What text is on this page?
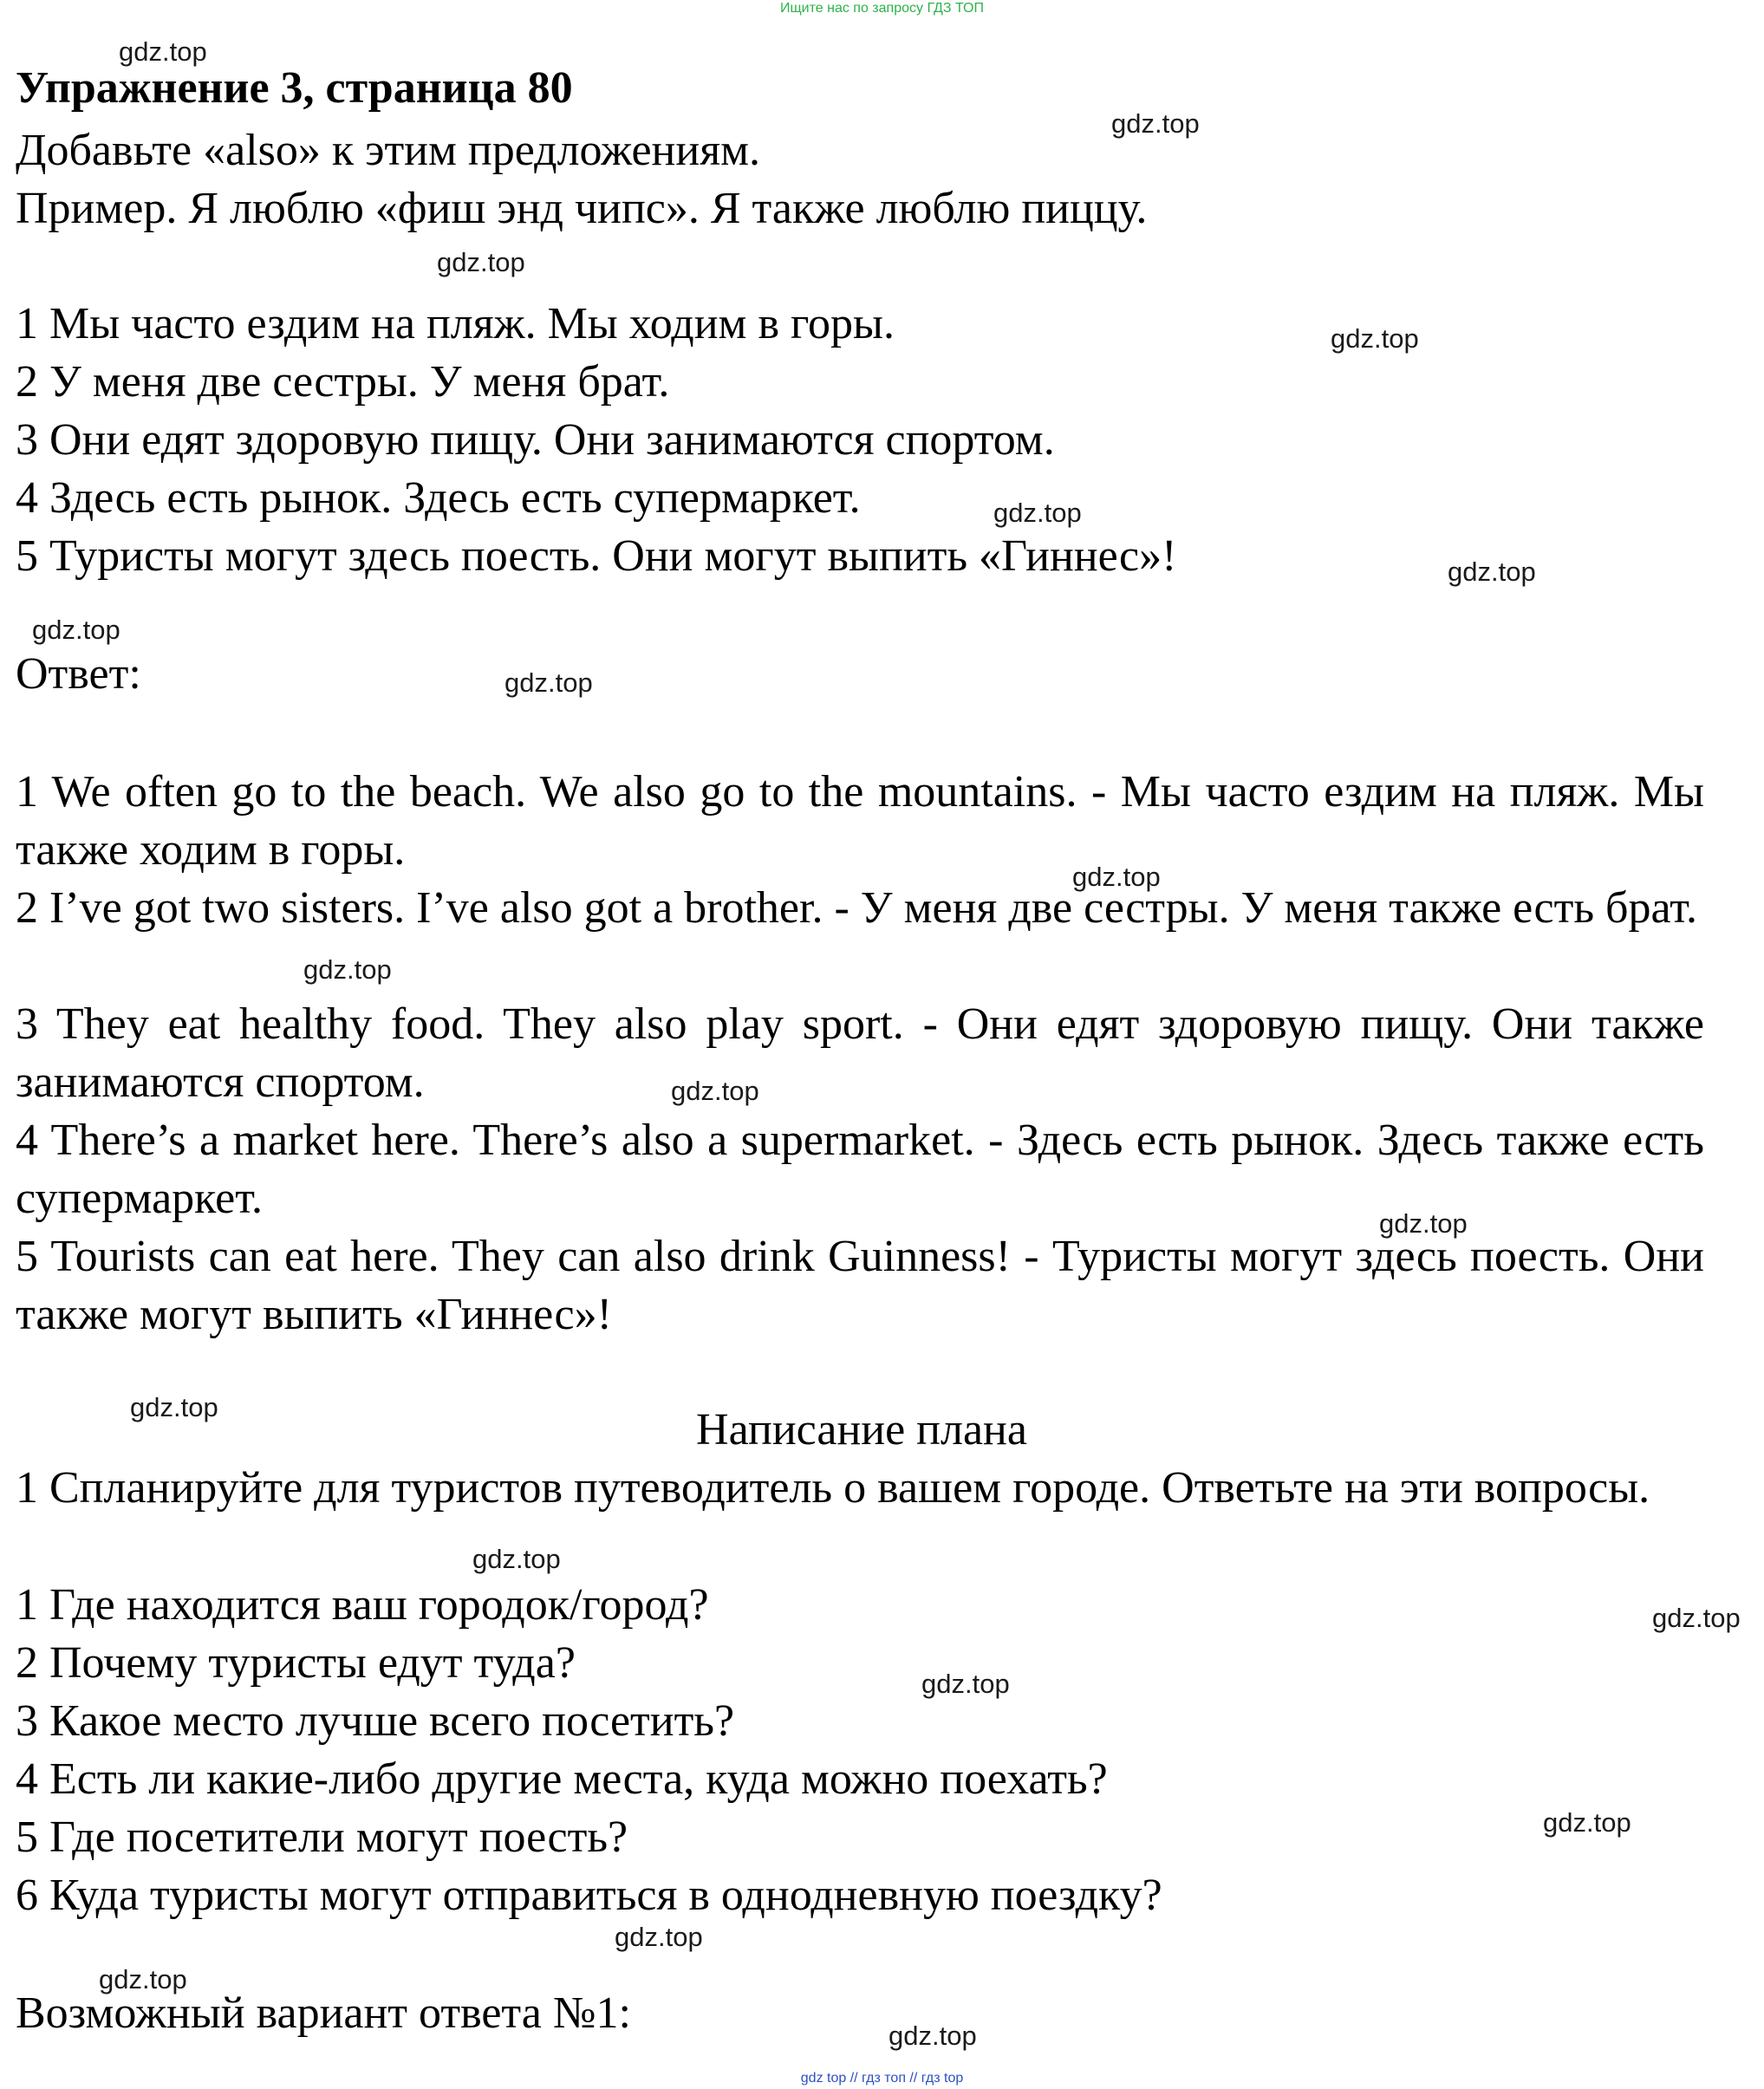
Ищите нас по запросу ГДЗ ТОП
Упражнение 3, страница 80
Добавьте «also» к этим предложениям.
Пример. Я люблю «фиш энд чипс». Я также люблю пиццу.
1 Мы часто ездим на пляж. Мы ходим в горы.
2 У меня две сестры. У меня брат.
3 Они едят здоровую пищу. Они занимаются спортом.
4 Здесь есть рынок. Здесь есть супермаркет.
5 Туристы могут здесь поесть. Они могут выпить «Гиннес»!
Ответ:
1 We often go to the beach. We also go to the mountains. - Мы часто ездим на пляж. Мы также ходим в горы.
2 I’ve got two sisters. I’ve also got a brother. - У меня две сестры. У меня также есть брат.
3 They eat healthy food. They also play sport. - Они едят здоровую пищу. Они также занимаются спортом.
4 There’s a market here. There’s also a supermarket. - Здесь есть рынок. Здесь также есть супермаркет.
5 Tourists can eat here. They can also drink Guinness! - Туристы могут здесь поесть. Они также могут выпить «Гиннес»!
Написание плана
1 Спланируйте для туристов путеводитель о вашем городе. Ответьте на эти вопросы.
1 Где находится ваш городок/город?
2 Почему туристы едут туда?
3 Какое место лучше всего посетить?
4 Есть ли какие-либо другие места, куда можно поехать?
5 Где посетители могут поесть?
6 Куда туристы могут отправиться в однодневную поездку?
Возможный вариант ответа №1:
gdz.top
gdz.top
gdz.top
gdz.top
gdz.top
gdz.top
gdz.top
gdz.top
gdz.top
gdz.top
gdz.top
gdz.top
gdz.top
gdz.top
gdz.top
gdz.top
gdz.top
gdz.top
gdz.top
gdz.top
gdz top // гдз топ // гдз top
